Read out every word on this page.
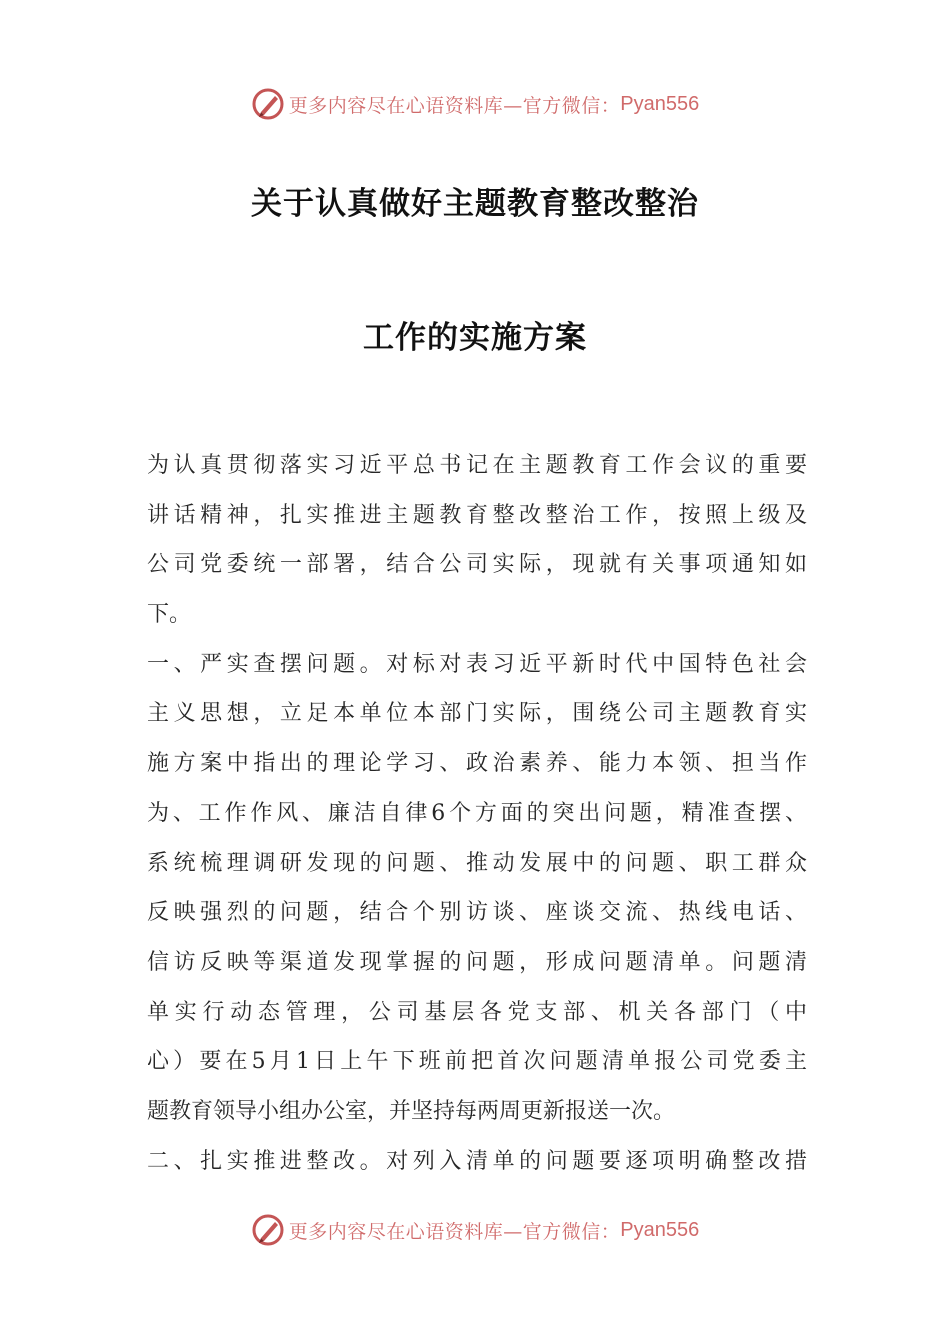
更多内容尽在心语资料库—官方微信： Pyan556
关于认真做好主题教育整改整治
工作的实施方案
为认真贯彻落实习近平总书记在主题教育工作会议的重要
讲话精神，扎实推进主题教育整改整治工作，按照上级及
公司党委统一部署，结合公司实际，现就有关事项通知如
下。
一、严实查摆问题。对标对表习近平新时代中国特色社会
主义思想，立足本单位本部门实际，围绕公司主题教育实
施方案中指出的理论学习、政治素养、能力本领、担当作
为、工作作风、廉洁自律6个方面的突出问题，精准查摆、
系统梳理调研发现的问题、推动发展中的问题、职工群众
反映强烈的问题，结合个别访谈、座谈交流、热线电话、
信访反映等渠道发现掌握的问题，形成问题清单。问题清
单实行动态管理，公司基层各党支部、机关各部门（中
心）要在5月1日上午下班前把首次问题清单报公司党委主
题教育领导小组办公室，并坚持每两周更新报送一次。
二、扎实推进整改。对列入清单的问题要逐项明确整改措
更多内容尽在心语资料库—官方微信： Pyan556
